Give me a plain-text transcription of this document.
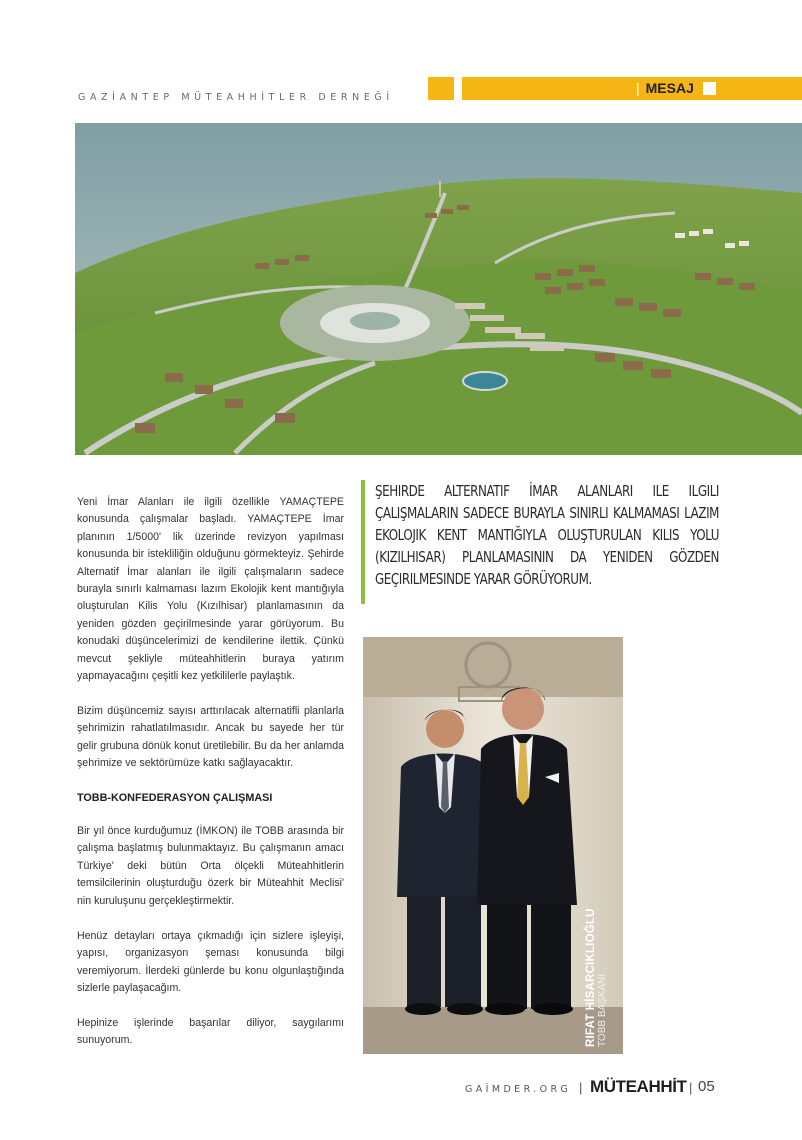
GAZİANTEP MÜTEAHHİTLER DERNEĞİ
| MESAJ
Yeni İmar Alanları ile ilgili özellikle YAMAÇTEPE konusunda çalışmalar başladı. YAMAÇTEPE İmar planının 1/5000' lik üzerinde revizyon yapılması konusunda bir istekliliğin olduğunu görmekteyiz. Şehirde Alternatif İmar alanları ile ilgili çalışmaların sadece burayla sınırlı kalmaması lazım Ekolojik kent mantığıyla oluşturulan Kilis Yolu (Kızılhisar) planlamasının da yeniden gözden geçirilmesinde yarar görüyorum. Bu konudaki düşüncelerimizi de kendilerine ilettik. Çünkü mevcut şekliyle müteahhitlerin buraya yatırım yapmayacağını çeşitli kez yetkililerle paylaştık.
Bizim düşüncemiz sayısı arttırılacak alternatifli planlarla şehrimizin rahatlatılmasıdır. Ancak bu sayede her tür gelir grubuna dönük konut üretilebilir. Bu da her anlamda şehrimize ve sektörümüze katkı sağlayacaktır.
TOBB-KONFEDERASYON ÇALIŞMASI
Bir yıl önce kurduğumuz (İMKON) ile TOBB arasında bir çalışma başlatmış bulunmaktayız. Bu çalışmanın amacı Türkiye' deki bütün Orta ölçekli Müteahhitlerin temsilcilerinin oluşturduğu özerk bir Müteahhit Meclisi' nin kuruluşunu gerçekleştirmektir.
Henüz detayları ortaya çıkmadığı için sizlere işleyişi, yapısı, organizasyon şeması konusunda bilgi veremiyorum. İlerdeki günlerde bu konu olgunlaştığında sizlerle paylaşacağım.
Hepinize işlerinde başarılar diliyor, saygılarımı sunuyorum.
ŞEHIRDE ALTERNATIF İMAR ALANLARI ILE ILGILI ÇALIŞMALARIN SADECE BURAYLA SINIRLI KALMAMASI LAZIM EKOLOJIK KENT MANTIĞIYLA OLUŞTURULAN KILIS YOLU (KIZILHISAR) PLANLAMASININ DA YENIDEN GÖZDEN GEÇIRILMESINDE YARAR GÖRÜYORUM.
RIFAT HİSARCIKLIOĞLU TOBB BAŞKANI
GAİMDER.ORG | MÜTEAHHİT | 05
